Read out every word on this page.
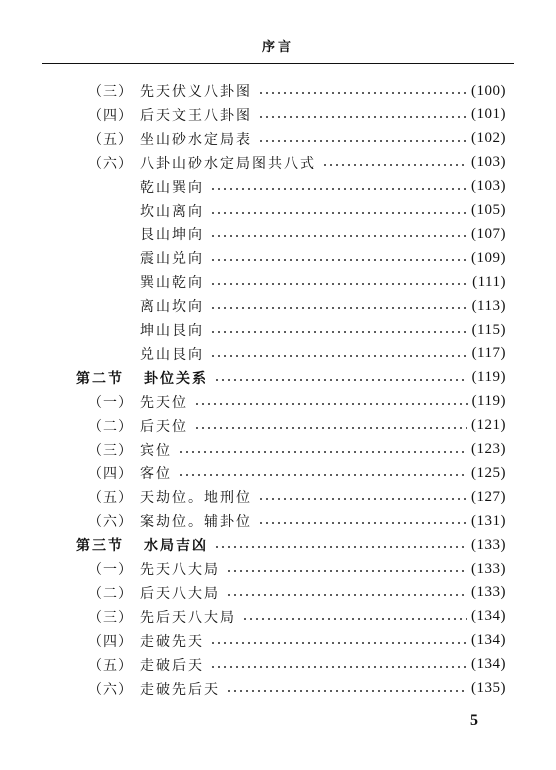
序言
（三） 先天伏义八卦图	(100)
（四） 后天文王八卦图	(101)
（五） 坐山砂水定局表	(102)
（六） 八卦山砂水定局图共八式	(103)
乾山巽向	(103)
坎山离向	(105)
艮山坤向	(107)
震山兑向	(109)
巽山乾向	(111)
离山坎向	(113)
坤山艮向	(115)
兑山艮向	(117)
第二节	卦位关系	(119)
（一） 先天位	(119)
（二） 后天位	(121)
（三） 宾位	(123)
（四） 客位	(125)
（五） 天劫位。地刑位	(127)
（六） 案劫位。辅卦位	(131)
第三节	水局吉凶	(133)
（一） 先天八大局	(133)
（二） 后天八大局	(133)
（三） 先后天八大局	(134)
（四） 走破先天	(134)
（五） 走破后天	(134)
（六） 走破先后天	(135)
5
